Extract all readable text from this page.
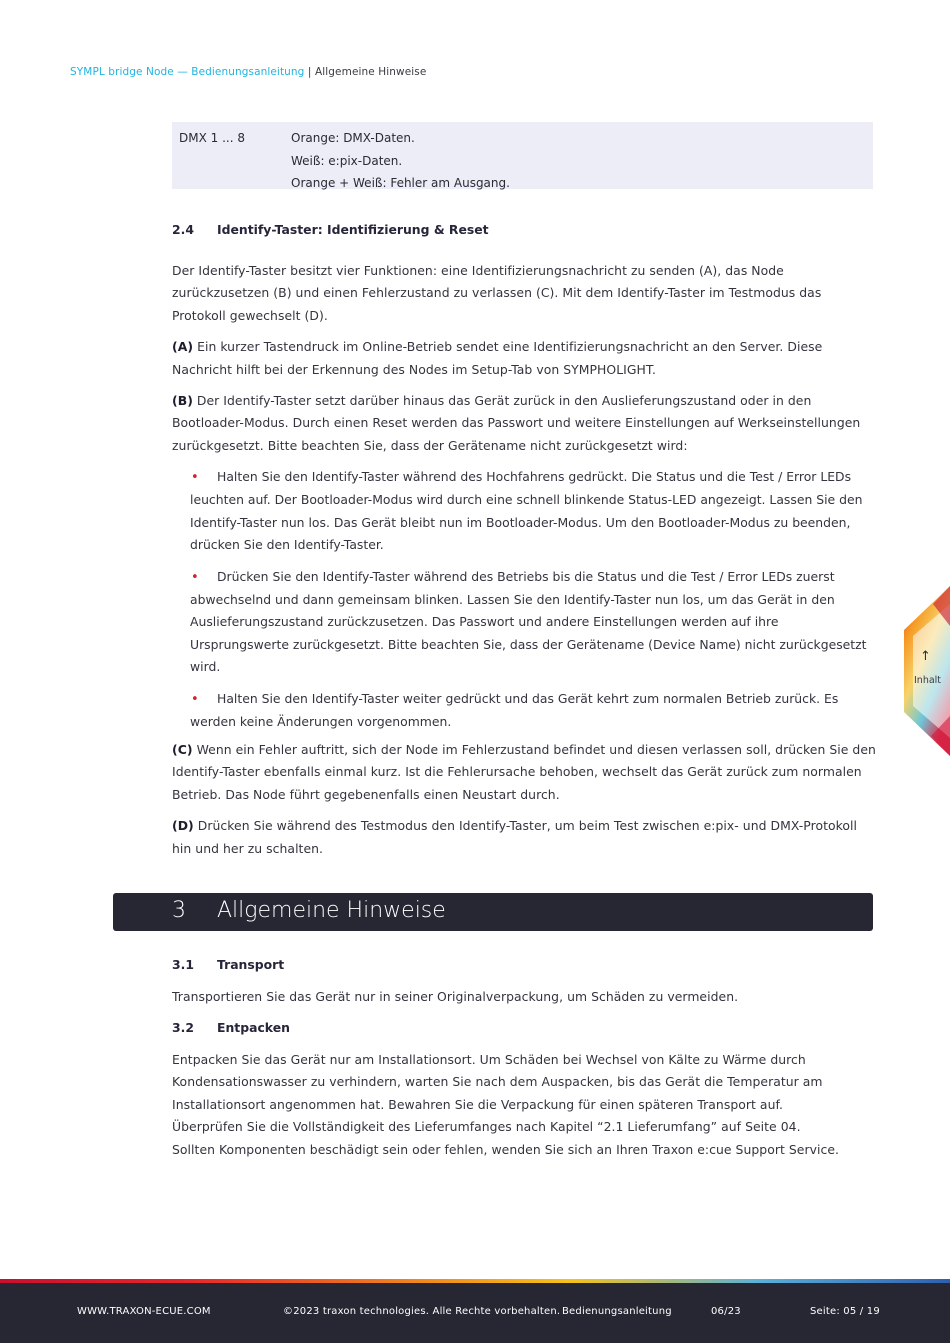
SYMPL bridge Node — Bedienungsanleitung | Allgemeine Hinweise
DMX 1 ... 8	Orange: DMX-Daten.
Weiß: e:pix-Daten.
Orange + Weiß: Fehler am Ausgang.
2.4 Identify-Taster: Identifizierung & Reset

Der Identify-Taster besitzt vier Funktionen: eine Identifizierungsnachricht zu senden (A), das Node zurückzusetzen (B) und einen Fehlerzustand zu verlassen (C). Mit dem Identify-Taster im Testmodus das Protokoll gewechselt (D).

(A) Ein kurzer Tastendruck im Online-Betrieb sendet eine Identifizierungsnachricht an den Server. Diese Nachricht hilft bei der Erkennung des Nodes im Setup-Tab von SYMPHOLIGHT.

(B) Der Identify-Taster setzt darüber hinaus das Gerät zurück in den Auslieferungszustand oder in den Bootloader-Modus. Durch einen Reset werden das Passwort und weitere Einstellungen auf Werkseinstellungen zurückgesetzt. Bitte beachten Sie, dass der Gerätename nicht zurückgesetzt wird:

• Halten Sie den Identify-Taster während des Hochfahrens gedrückt. Die Status und die Test / Error LEDs leuchten auf. Der Bootloader-Modus wird durch eine schnell blinkende Status-LED angezeigt. Lassen Sie den Identify-Taster nun los. Das Gerät bleibt nun im Bootloader-Modus. Um den Bootloader-Modus zu beenden, drücken Sie den Identify-Taster.
• Drücken Sie den Identify-Taster während des Betriebs bis die Status und die Test / Error LEDs zuerst abwechselnd und dann gemeinsam blinken. Lassen Sie den Identify-Taster nun los, um das Gerät in den Auslieferungszustand zurückzusetzen. Das Passwort und andere Einstellungen werden auf ihre Ursprungswerte zurückgesetzt. Bitte beachten Sie, dass der Gerätename (Device Name) nicht zurückgesetzt wird.
• Halten Sie den Identify-Taster weiter gedrückt und das Gerät kehrt zum normalen Betrieb zurück. Es werden keine Änderungen vorgenommen.

(C) Wenn ein Fehler auftritt, sich der Node im Fehlerzustand befindet und diesen verlassen soll, drücken Sie den Identify-Taster ebenfalls einmal kurz. Ist die Fehlerursache behoben, wechselt das Gerät zurück zum normalen Betrieb. Das Node führt gegebenenfalls einen Neustart durch.

(D) Drücken Sie während des Testmodus den Identify-Taster, um beim Test zwischen e:pix- und DMX-Protokoll hin und her zu schalten.

3 Allgemeine Hinweise
3.1 Transport

Transportieren Sie das Gerät nur in seiner Originalverpackung, um Schäden zu vermeiden.

3.2 Entpacken

Entpacken Sie das Gerät nur am Installationsort. Um Schäden bei Wechsel von Kälte zu Wärme durch Kondensationswasser zu verhindern, warten Sie nach dem Auspacken, bis das Gerät die Temperatur am Installationsort angenommen hat. Bewahren Sie die Verpackung für einen späteren Transport auf.

Überprüfen Sie die Vollständigkeit des Lieferumfanges nach Kapitel “2.1 Lieferumfang” auf Seite 04.

Sollten Komponenten beschädigt sein oder fehlen, wenden Sie sich an Ihren Traxon e:cue Support Service.

↑
Inhalt
WWW.TRAXON-ECUE.COM	©2023 traxon technologies. Alle Rechte vorbehalten. Bedienungsanleitung	06/23	Seite: 05 / 19
